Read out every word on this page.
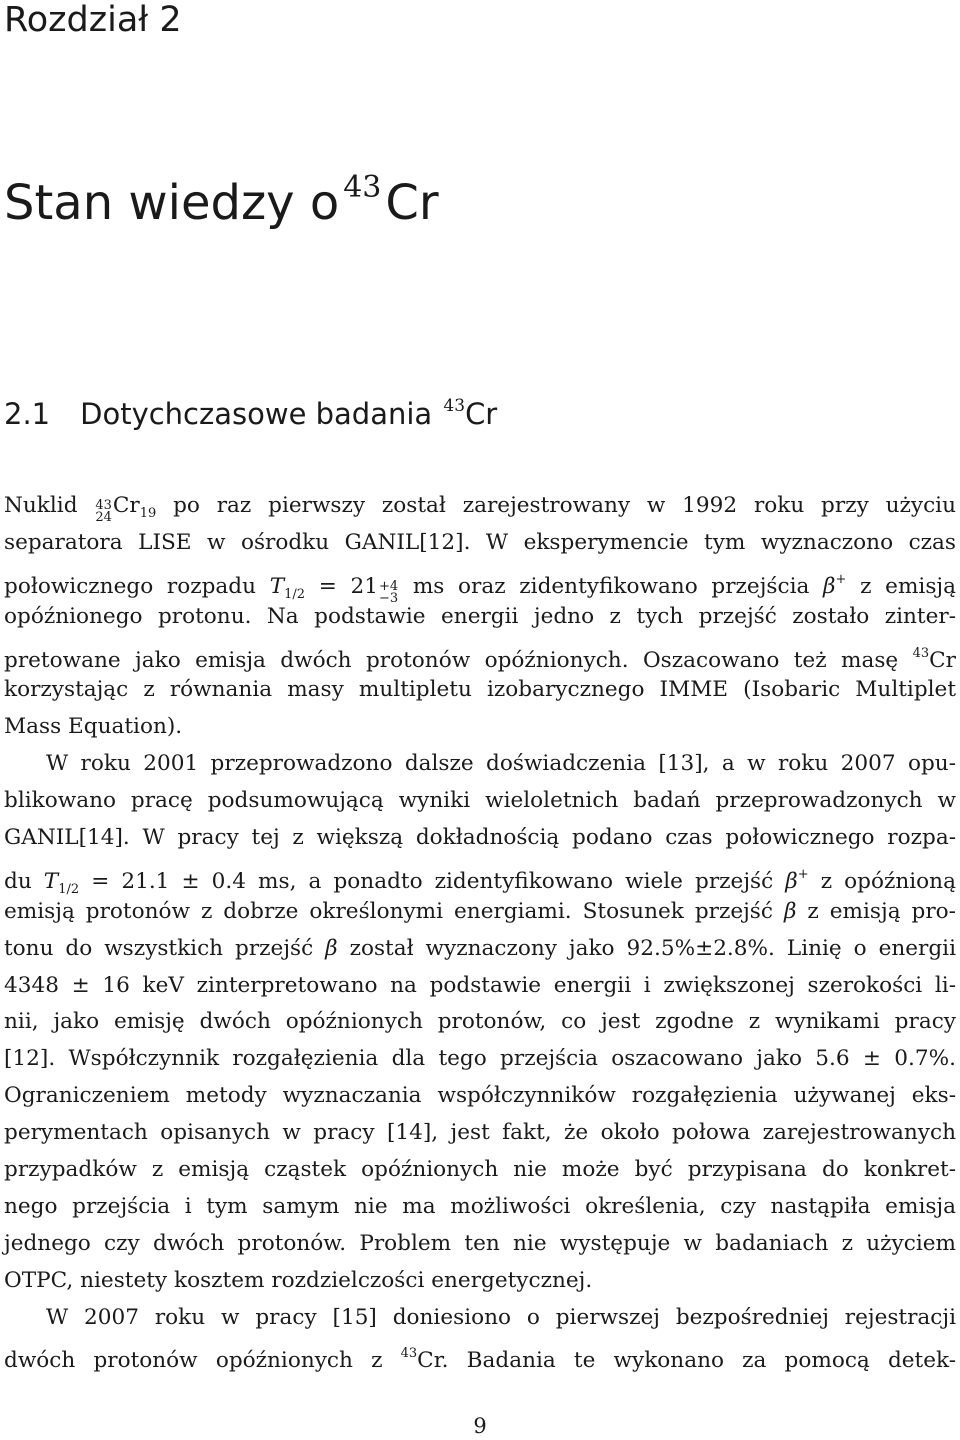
Rozdział 2
Stan wiedzy o $^{43}$Cr
2.1 Dotychczasowe badania $^{43}$Cr
Nuklid 43
24 $Cr_{19}$ po raz pierwszy został zarejestrowany w 1992 roku przy użyciu
separatora LISE w ośrodku GANIL[12]. W eksperymencie tym wyznaczono czas
połowicznego rozpadu $T_{1/2} = 21 +4$
−3 ms oraz zidentyfikowano przejścia β+ z emisją
opóźnionego protonu. Na podstawie energii jedno z tych przejść zostało zinter-
pretowane jako emisja dwóch protonów opóźnionych. Oszacowano też masę $^{43}$Cr
korzystając z równania masy multipletu izobarycznego IMME (Isobaric Multiplet
Mass Equation).
W roku 2001 przeprowadzono dalsze doświadczenia [13], a w roku 2007 opu-
blikowano pracę podsumowującą wyniki wieloletnich badań przeprowadzonych w
GANIL[14]. W pracy tej z większą dokładnością podano czas połowicznego rozpa-
du $T_{1/2} = 21.1 \pm 0.4$ ms, a ponadto zidentyfikowano wiele przejść β+ z opóźnioną
emisją protonów z dobrze określonymi energiami. Stosunek przejść β z emisją pro-
tonu do wszystkich przejść β został wyznaczony jako 92.5%±2.8%. Linię o energii
4348 ± 16 keV zinterpretowano na podstawie energii i zwiększonej szerokości li-
nii, jako emisję dwóch opóźnionych protonów, co jest zgodne z wynikami pracy
[12]. Współczynnik rozgałęzienia dla tego przejścia oszacowano jako 5.6 ± 0.7%.
Ograniczeniem metody wyznaczania współczynników rozgałęzienia używanej eks-
perymentach opisanych w pracy [14], jest fakt, że około połowa zarejestrowanych
przypadków z emisją cząstek opóźnionych nie może być przypisana do konkret-
nego przejścia i tym samym nie ma możliwości określenia, czy nastąpiła emisja
jednego czy dwóch protonów. Problem ten nie występuje w badaniach z użyciem
OTPC, niestety kosztem rozdzielczości energetycznej.
W 2007 roku w pracy [15] doniesiono o pierwszej bezpośredniej rejestracji
dwóch protonów opóźnionych z $^{43}$Cr. Badania te wykonano za pomocą detek-
9
